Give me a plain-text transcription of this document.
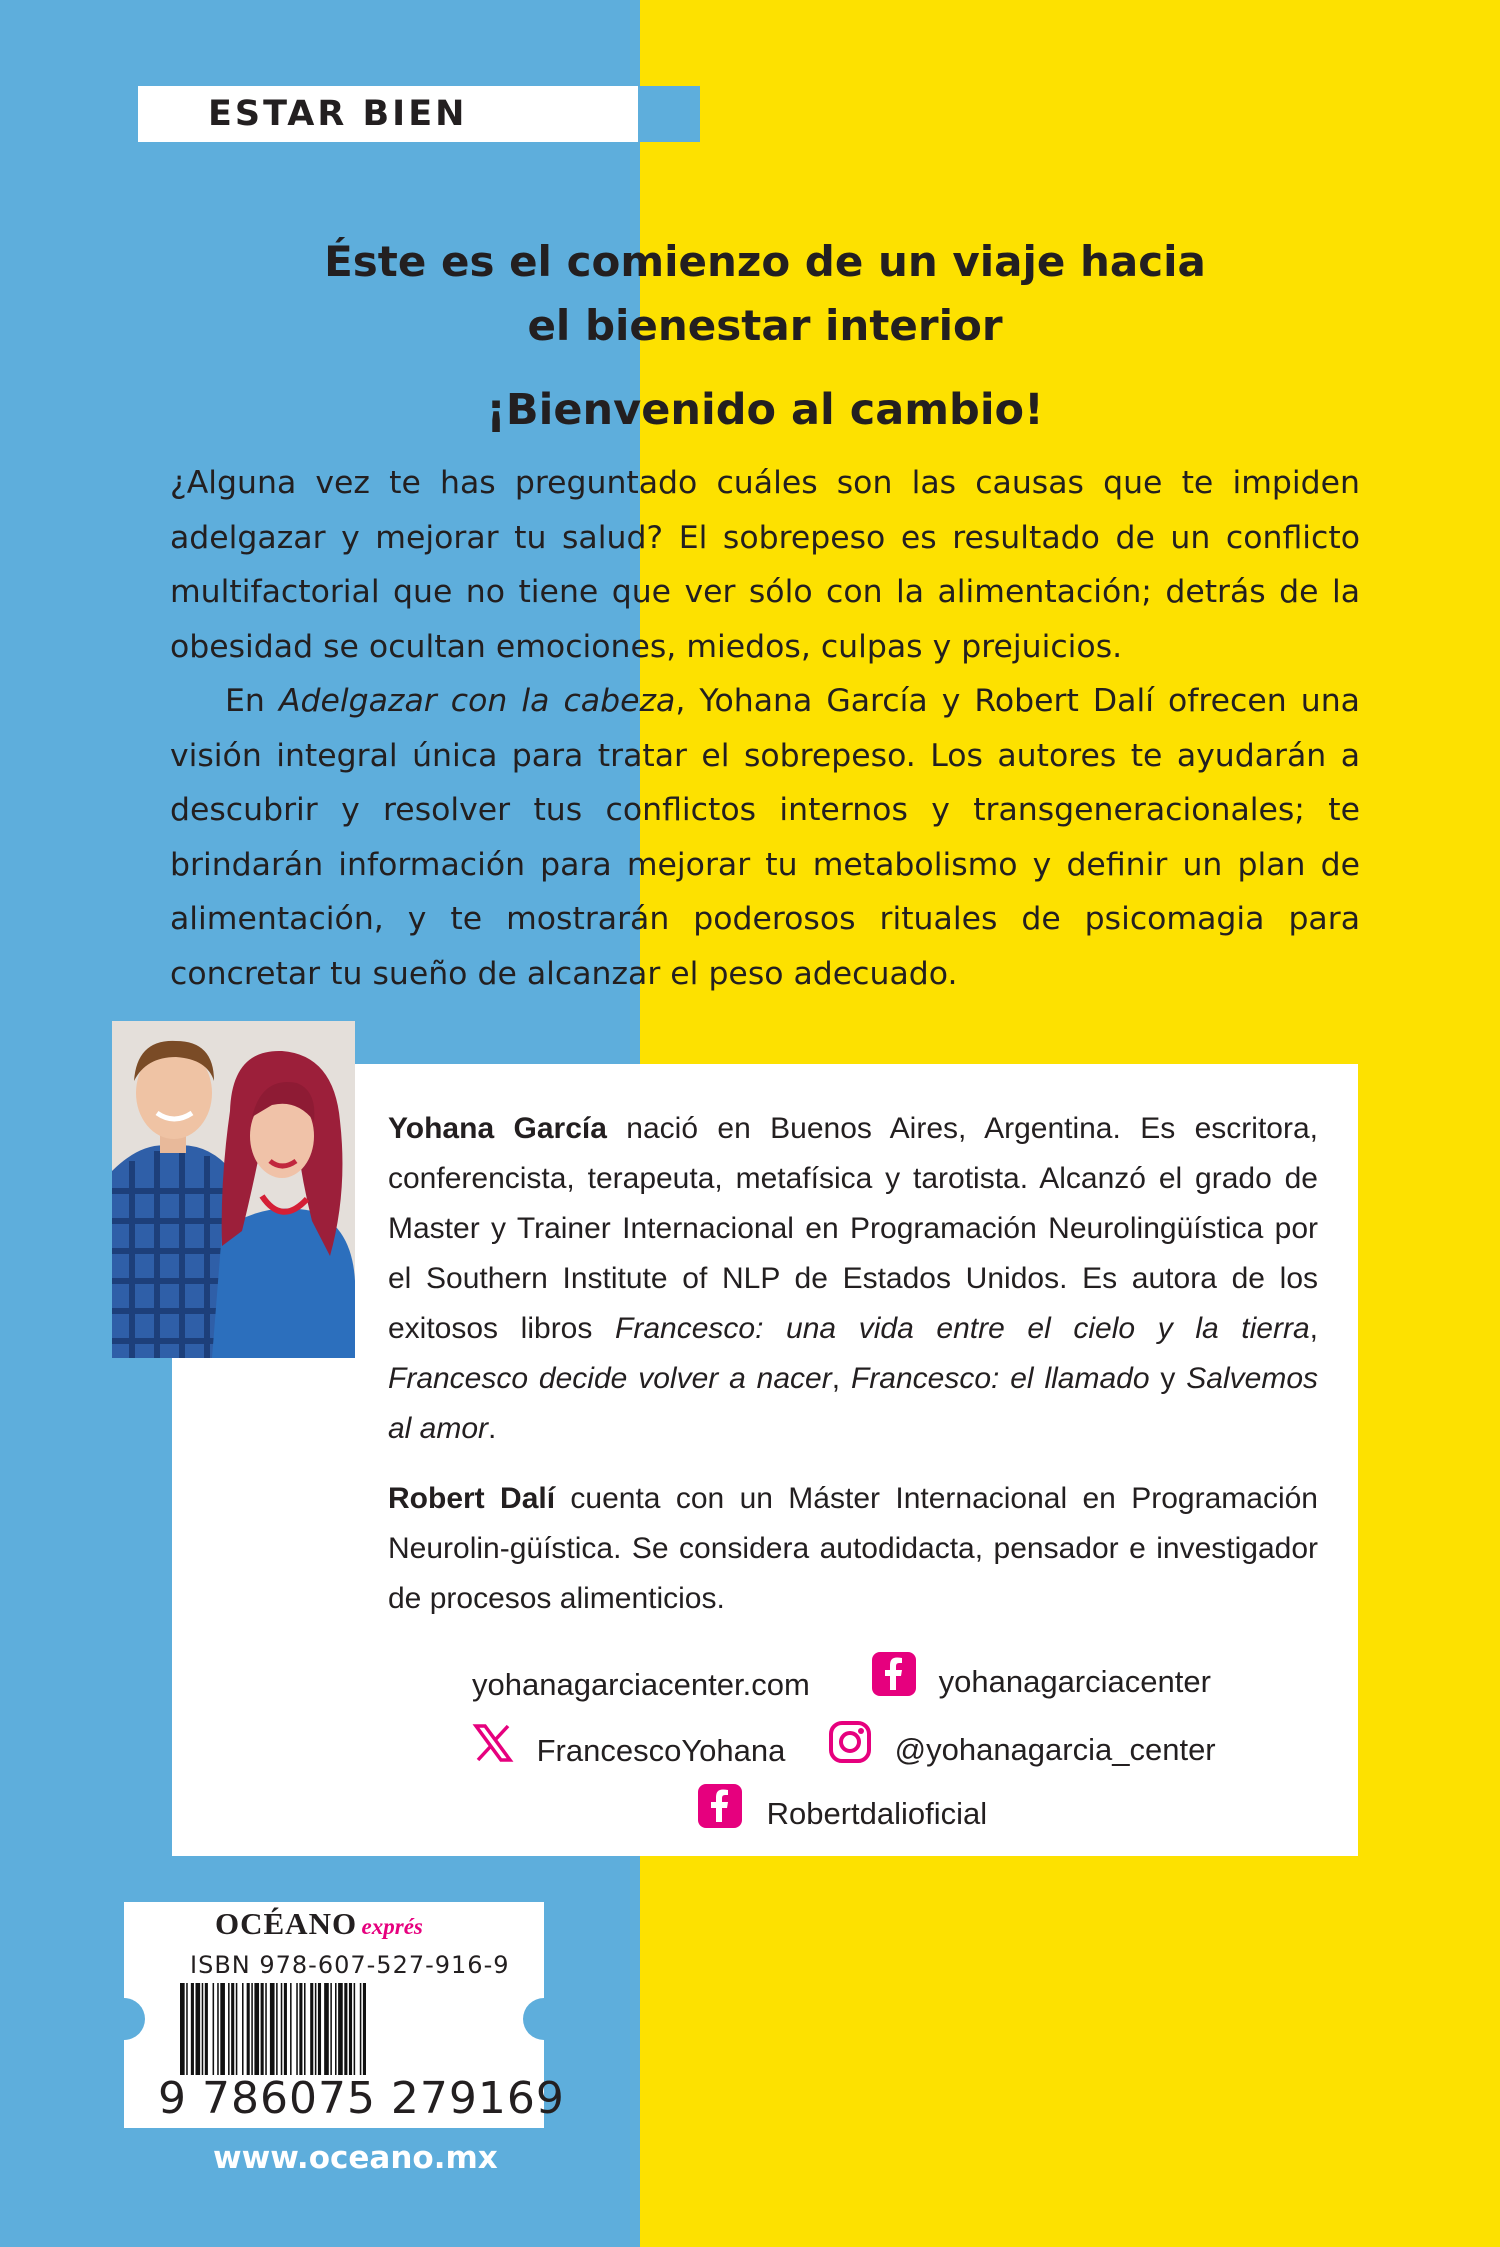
ESTAR BIEN
Éste es el comienzo de un viaje hacia
el bienestar interior
¡Bienvenido al cambio!

¿Alguna vez te has preguntado cuáles son las causas que te impiden adelgazar y mejorar tu salud? El sobrepeso es resultado de un conflicto multifactorial que no tiene que ver sólo con la alimentación; detrás de la obesidad se ocultan emociones, miedos, culpas y prejuicios.

En Adelgazar con la cabeza, Yohana García y Robert Dalí ofrecen una visión integral única para tratar el sobrepeso. Los autores te ayudarán a descubrir y resolver tus conflictos internos y transgeneracionales; te brindarán información para mejorar tu metabolismo y definir un plan de alimentación, y te mostrarán poderosos rituales de psicomagia para concretar tu sueño de alcanzar el peso adecuado.

Yohana García nació en Buenos Aires, Argentina. Es escritora, conferencista, terapeuta, metafísica y tarotista. Alcanzó el grado de Master y Trainer Internacional en Programación Neurolingüística por el Southern Institute of NLP de Estados Unidos. Es autora de los exitosos libros Francesco: una vida entre el cielo y la tierra, Francesco decide volver a nacer, Francesco: el llamado y Salvemos al amor.

Robert Dalí cuenta con un Máster Internacional en Programación Neurolin-güística. Se considera autodidacta, pensador e investigador de procesos alimenticios.

yohanagarciacenter.com	yohanagarciacenter
FrancescoYohana	@yohanagarcia_center
Robertdalioficial
OCÉANO exprés
ISBN 978-607-527-916-9
9 786075 279169
www.oceano.mx
